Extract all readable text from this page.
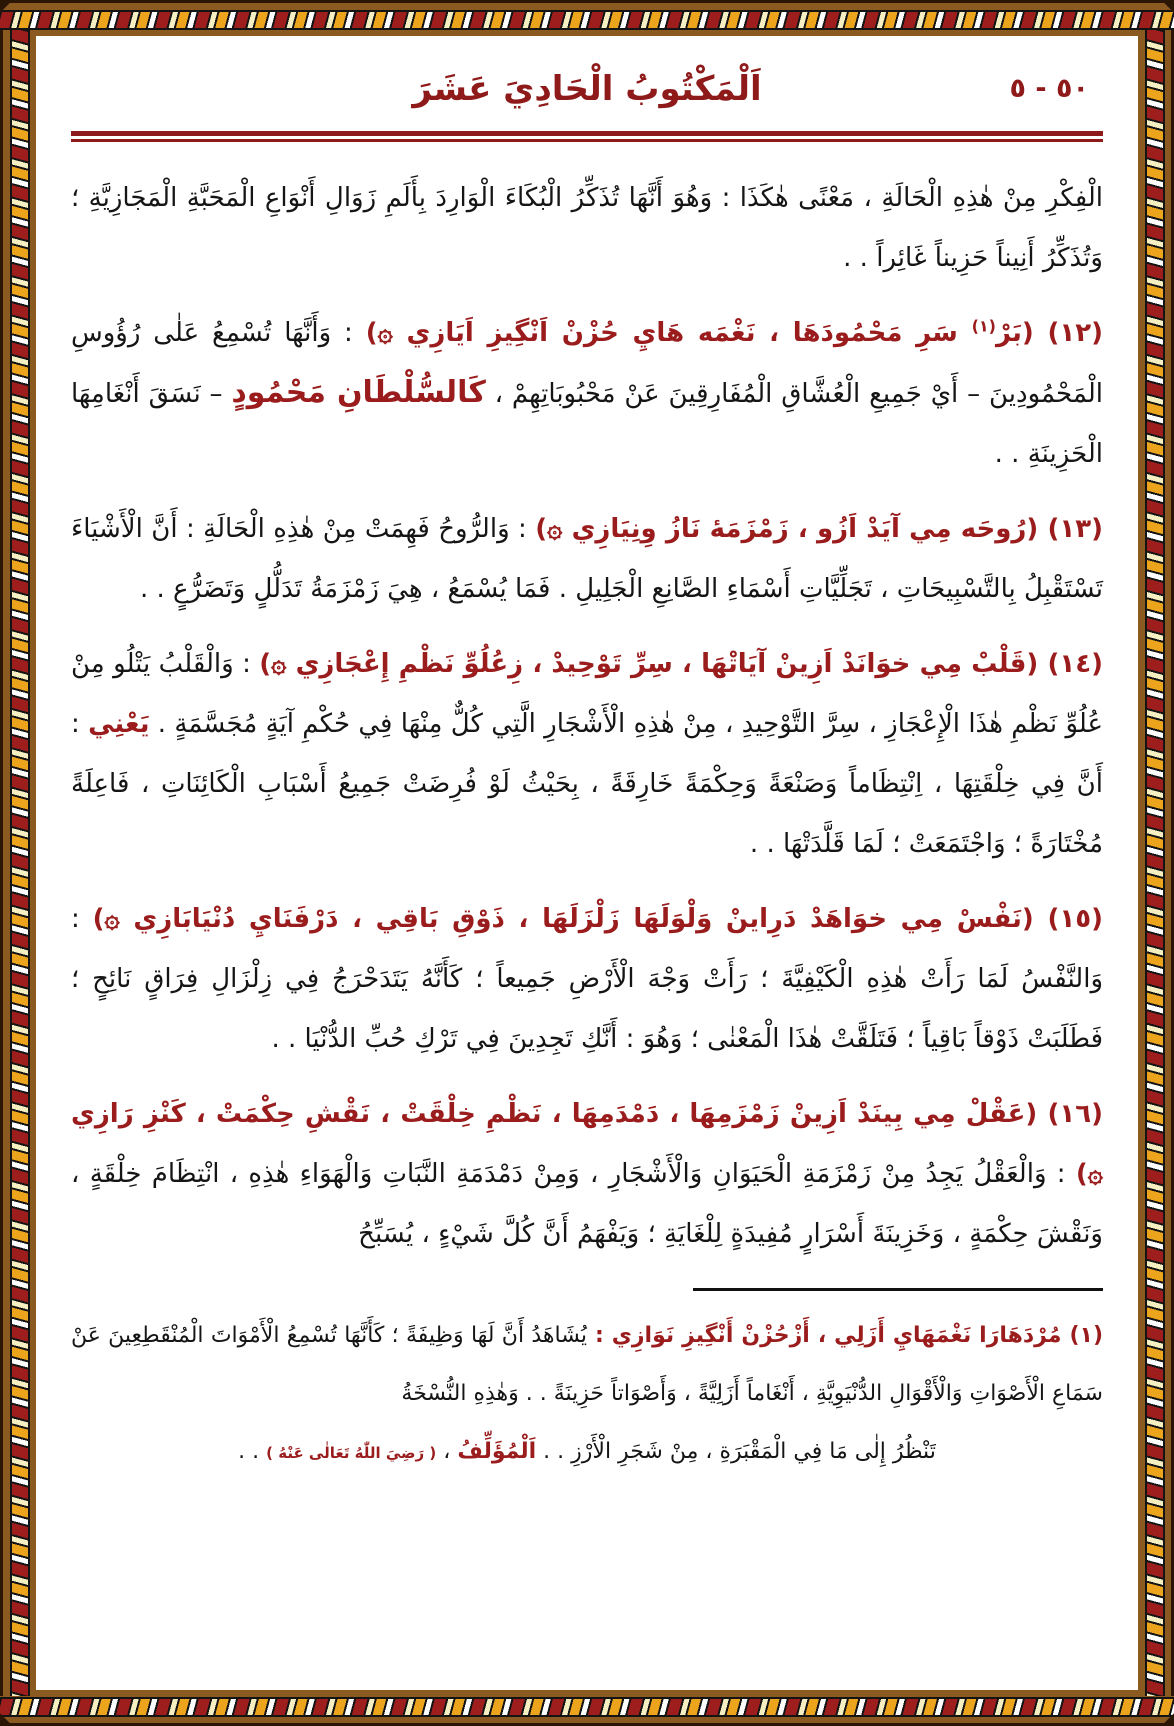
٥٠ - ٥
اَلْمَكْتُوبُ الْحَادِيَ عَشَرَ

الْفِكْرِ مِنْ هٰذِهِ الْحَالَةِ ، مَعْنًى هٰكَذَا : وَهُوَ أَنَّهَا تُذَكِّرُ الْبُكَاءَ الْوَارِدَ بِأَلَمِ زَوَالِ أَنْوَاعِ الْمَحَبَّةِ الْمَجَازِيَّةِ ؛ وَتُذَكِّرُ أَنِيناً حَزِيناً غَائِراً . .

(١٢) (بَرْ$^{(١)}$ سَرِ مَحْمُودَهَا ، نَغْمَه هَايِ حُزْنْ اَنْگِيزِ اَيَازِي ۞) : وَأَنَّهَا تُسْمِعُ عَلٰى رُؤُوسِ الْمَحْمُودِينَ – أَيْ جَمِيعِ الْعُشَّاقِ الْمُفَارِقِينَ عَنْ مَحْبُوبَاتِهِمْ ، كَالسُّلْطَانِ مَحْمُودٍ – نَسَقَ أَنْغَامِهَا الْحَزِينَةِ . .

(١٣) (رُوحَه مِي آيَدْ اَزُو ، زَمْزَمَهٔ نَازُ وِنِيَازِي ۞) : وَالرُّوحُ فَهِمَتْ مِنْ هٰذِهِ الْحَالَةِ : أَنَّ الْأَشْيَاءَ تَسْتَقْبِلُ بِالتَّسْبِيحَاتِ ، تَجَلِّيَّاتِ أَسْمَاءِ الصَّانِعِ الْجَلِيلِ . فَمَا يُسْمَعُ ، هِيَ زَمْزَمَةُ تَدَلُّلٍ وَتَضَرُّعٍ . .

(١٤) (قَلْبْ مِي خوَانَدْ اَزِينْ آيَاتْهَا ، سِرِّ تَوْحِيدْ ، زِعُلُوِّ نَظْمِ إِعْجَازِي ۞) : وَالْقَلْبُ يَتْلُو مِنْ عُلُوِّ نَظْمِ هٰذَا الْإِعْجَازِ ، سِرَّ التَّوْحِيدِ ، مِنْ هٰذِهِ الْأَشْجَارِ الَّتِي كُلٌّ مِنْهَا فِي حُكْمِ آيَةٍ مُجَسَّمَةٍ . يَعْنِي : أَنَّ فِي خِلْقَتِهَا ، اِنْتِظَاماً وَصَنْعَةً وَحِكْمَةً خَارِقَةً ، بِحَيْثُ لَوْ فُرِضَتْ جَمِيعُ أَسْبَابِ الْكَائِنَاتِ ، فَاعِلَةً مُخْتَارَةً ؛ وَاجْتَمَعَتْ ؛ لَمَا قَلَّدَتْهَا . .

(١٥) (نَفْسْ مِي خوَاهَدْ دَرِاينْ وَلْوَلَهَا زَلْزَلَهَا ، ذَوْقِ بَاقِي ، دَرْفَنَايِ دُنْيَابَازِي ۞) : وَالنَّفْسُ لَمَا رَأَتْ هٰذِهِ الْكَيْفِيَّةَ ؛ رَأَتْ وَجْهَ الْأَرْضِ جَمِيعاً ؛ كَأَنَّهُ يَتَدَحْرَجُ فِي زِلْزَالِ فِرَاقٍ نَائِحٍ ؛ فَطَلَبَتْ ذَوْقاً بَاقِياً ؛ فَتَلَقَّتْ هٰذَا الْمَعْنٰى ؛ وَهُوَ : أَنَّكِ تَجِدِينَ فِي تَرْكِ حُبِّ الدُّنْيَا . .

(١٦) (عَقْلْ مِي بِينَدْ اَزِينْ زَمْزَمِهَا ، دَمْدَمِهَا ، نَظْمِ خِلْقَتْ ، نَقْشِ حِكْمَتْ ، كَنْزِ رَازِي ۞) : وَالْعَقْلُ يَجِدُ مِنْ زَمْزَمَةِ الْحَيَوَانِ وَالْأَشْجَارِ ، وَمِنْ دَمْدَمَةِ النَّبَاتِ وَالْهَوَاءِ هٰذِهِ ، انْتِظَامَ خِلْقَةٍ ، وَنَقْشَ حِكْمَةٍ ، وَخَزِينَةَ أَسْرَارٍ مُفِيدَةٍ لِلْغَايَةِ ؛ وَيَفْهَمُ أَنَّ كُلَّ شَيْءٍ ، يُسَبِّحُ

(١) مُرْدَهَارَا نَغْمَهَايِ أَزَلِي ، أَزْحُزْنْ أَنْگِيزِ نَوَازِي : يُشَاهَدُ أَنَّ لَهَا وَظِيفَةً ؛ كَأَنَّهَا تُسْمِعُ الْأَمْوَاتَ الْمُنْقَطِعِينَ عَنْ سَمَاعِ الْأَصْوَاتِ وَالْأَقْوَالِ الدُّنْيَوِيَّةِ ، أَنْغَاماً أَزَلِيَّةً ، وَأَصْوَاتاً حَزِينَةً . . وَهٰذِهِ النُّسْخَةُ

تَنْظُرُ إِلٰى مَا فِي الْمَقْبَرَةِ ، مِنْ شَجَرِ الْأَرْزِ . . اَلْمُؤَلِّفُ ، ( رَضِيَ اللّٰهُ تَعَالٰى عَنْهُ ) . .
